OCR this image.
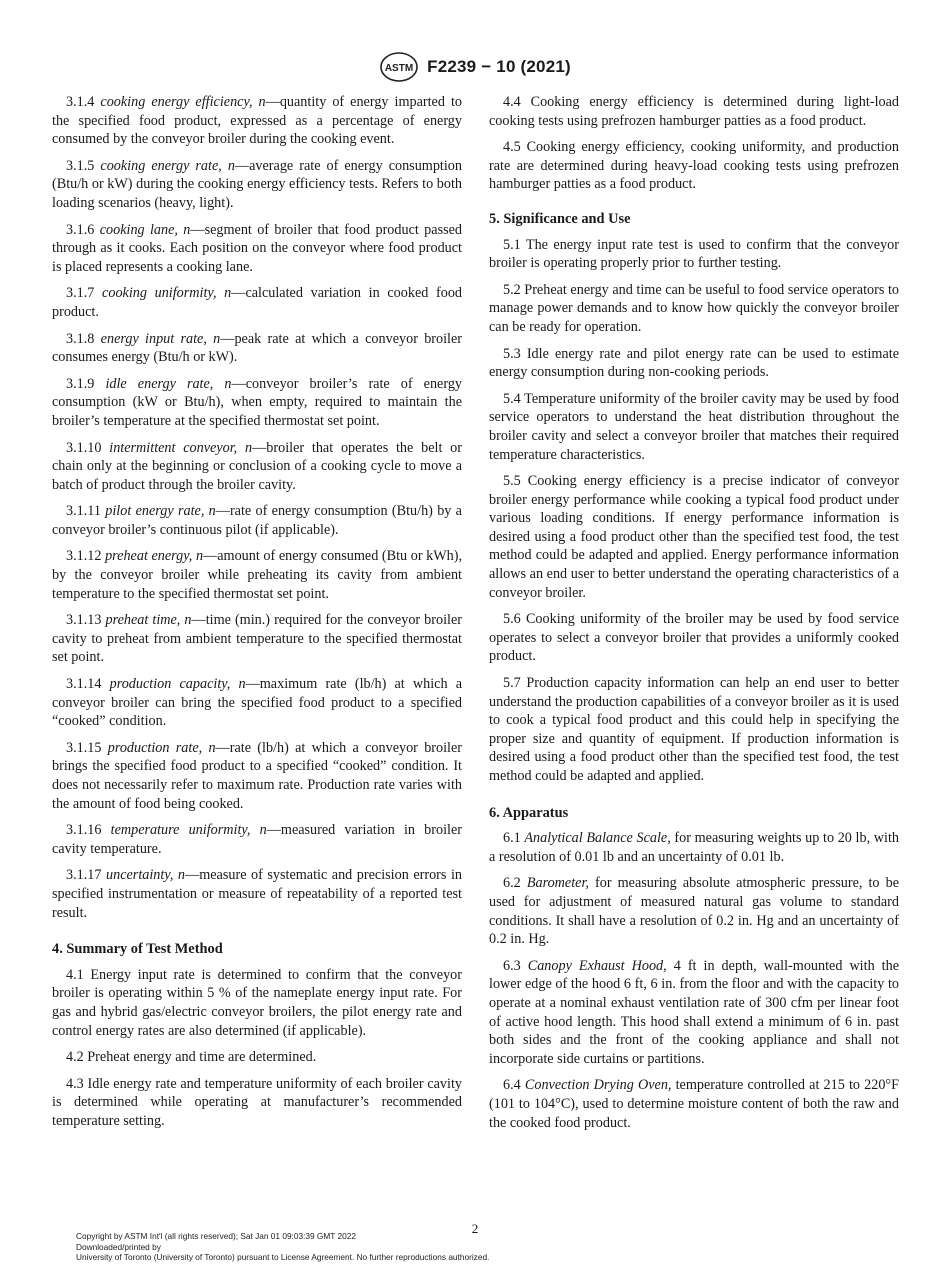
ASTM F2239 − 10 (2021)

3.1.4 cooking energy efficiency, n—quantity of energy imparted to the specified food product, expressed as a percentage of energy consumed by the conveyor broiler during the cooking event.

3.1.5 cooking energy rate, n—average rate of energy consumption (Btu/h or kW) during the cooking energy efficiency tests. Refers to both loading scenarios (heavy, light).

3.1.6 cooking lane, n—segment of broiler that food product passed through as it cooks. Each position on the conveyor where food product is placed represents a cooking lane.

3.1.7 cooking uniformity, n—calculated variation in cooked food product.

3.1.8 energy input rate, n—peak rate at which a conveyor broiler consumes energy (Btu/h or kW).

3.1.9 idle energy rate, n—conveyor broiler’s rate of energy consumption (kW or Btu/h), when empty, required to maintain the broiler’s temperature at the specified thermostat set point.

3.1.10 intermittent conveyor, n—broiler that operates the belt or chain only at the beginning or conclusion of a cooking cycle to move a batch of product through the broiler cavity.

3.1.11 pilot energy rate, n—rate of energy consumption (Btu/h) by a conveyor broiler’s continuous pilot (if applicable).

3.1.12 preheat energy, n—amount of energy consumed (Btu or kWh), by the conveyor broiler while preheating its cavity from ambient temperature to the specified thermostat set point.

3.1.13 preheat time, n—time (min.) required for the conveyor broiler cavity to preheat from ambient temperature to the specified thermostat set point.

3.1.14 production capacity, n—maximum rate (lb/h) at which a conveyor broiler can bring the specified food product to a specified “cooked” condition.

3.1.15 production rate, n—rate (lb/h) at which a conveyor broiler brings the specified food product to a specified “cooked” condition. It does not necessarily refer to maximum rate. Production rate varies with the amount of food being cooked.

3.1.16 temperature uniformity, n—measured variation in broiler cavity temperature.

3.1.17 uncertainty, n—measure of systematic and precision errors in specified instrumentation or measure of repeatability of a reported test result.

4. Summary of Test Method

4.1 Energy input rate is determined to confirm that the conveyor broiler is operating within 5 % of the nameplate energy input rate. For gas and hybrid gas/electric conveyor broilers, the pilot energy rate and control energy rates are also determined (if applicable).

4.2 Preheat energy and time are determined.

4.3 Idle energy rate and temperature uniformity of each broiler cavity is determined while operating at manufacturer’s recommended temperature setting.

4.4 Cooking energy efficiency is determined during light-load cooking tests using prefrozen hamburger patties as a food product.

4.5 Cooking energy efficiency, cooking uniformity, and production rate are determined during heavy-load cooking tests using prefrozen hamburger patties as a food product.

5. Significance and Use

5.1 The energy input rate test is used to confirm that the conveyor broiler is operating properly prior to further testing.

5.2 Preheat energy and time can be useful to food service operators to manage power demands and to know how quickly the conveyor broiler can be ready for operation.

5.3 Idle energy rate and pilot energy rate can be used to estimate energy consumption during non-cooking periods.

5.4 Temperature uniformity of the broiler cavity may be used by food service operators to understand the heat distribution throughout the broiler cavity and select a conveyor broiler that matches their required temperature characteristics.

5.5 Cooking energy efficiency is a precise indicator of conveyor broiler energy performance while cooking a typical food product under various loading conditions. If energy performance information is desired using a food product other than the specified test food, the test method could be adapted and applied. Energy performance information allows an end user to better understand the operating characteristics of a conveyor broiler.

5.6 Cooking uniformity of the broiler may be used by food service operates to select a conveyor broiler that provides a uniformly cooked product.

5.7 Production capacity information can help an end user to better understand the production capabilities of a conveyor broiler as it is used to cook a typical food product and this could help in specifying the proper size and quantity of equipment. If production information is desired using a food product other than the specified test food, the test method could be adapted and applied.

6. Apparatus

6.1 Analytical Balance Scale, for measuring weights up to 20 lb, with a resolution of 0.01 lb and an uncertainty of 0.01 lb.

6.2 Barometer, for measuring absolute atmospheric pressure, to be used for adjustment of measured natural gas volume to standard conditions. It shall have a resolution of 0.2 in. Hg and an uncertainty of 0.2 in. Hg.

6.3 Canopy Exhaust Hood, 4 ft in depth, wall-mounted with the lower edge of the hood 6 ft, 6 in. from the floor and with the capacity to operate at a nominal exhaust ventilation rate of 300 cfm per linear foot of active hood length. This hood shall extend a minimum of 6 in. past both sides and the front of the cooking appliance and shall not incorporate side curtains or partitions.

6.4 Convection Drying Oven, temperature controlled at 215 to 220°F (101 to 104°C), used to determine moisture content of both the raw and the cooked food product.

2
Copyright by ASTM Int'l (all rights reserved); Sat Jan 01 09:03:39 GMT 2022
Downloaded/printed by
University of Toronto (University of Toronto) pursuant to License Agreement. No further reproductions authorized.
